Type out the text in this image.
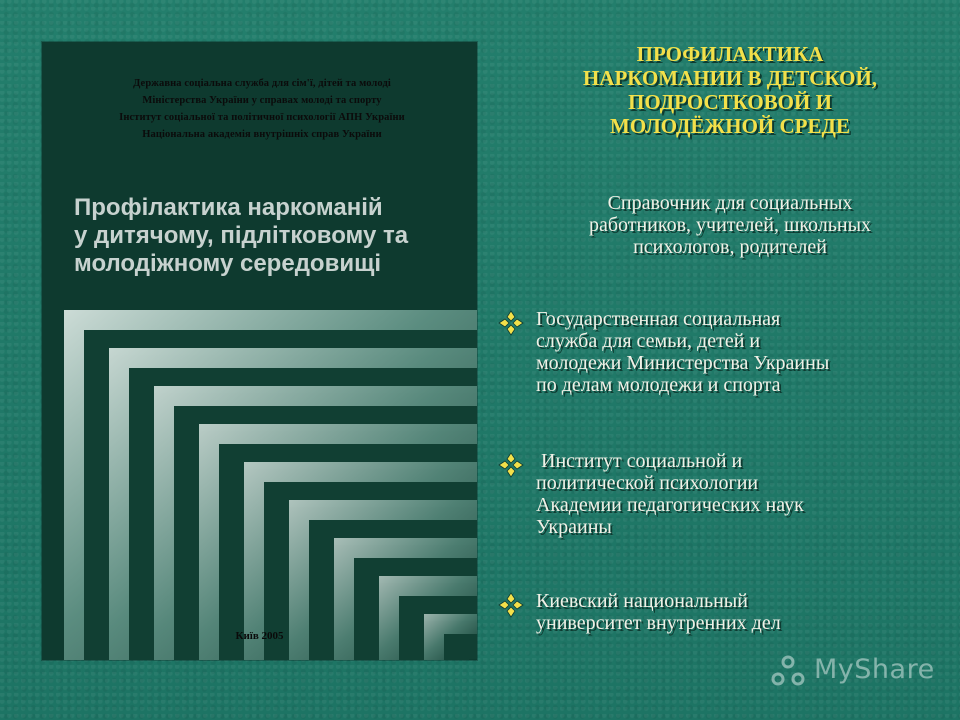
Державна соціальна служба для сім'ї, дітей та молоді
Міністерства України у справах молоді та спорту
Інститут соціальної та політичної психології АПН України
Національна академія внутрішніх справ України
Профілактика наркоманій
у дитячому, підлітковому та
молодіжному середовищі
Київ 2005
ПРОФИЛАКТИКА
НАРКОМАНИИ В ДЕТСКОЙ,
ПОДРОСТКОВОЙ И
МОЛОДЁЖНОЙ СРЕДЕ
Справочник для социальных
работников, учителей, школьных
психологов, родителей
Государственная социальная
служба для семьи, детей и
молодежи Министерства Украины
по делам молодежи и спорта
Институт социальной и
политической психологии
Академии педагогических наук
Украины
Киевский национальный
университет внутренних дел
MyShare
